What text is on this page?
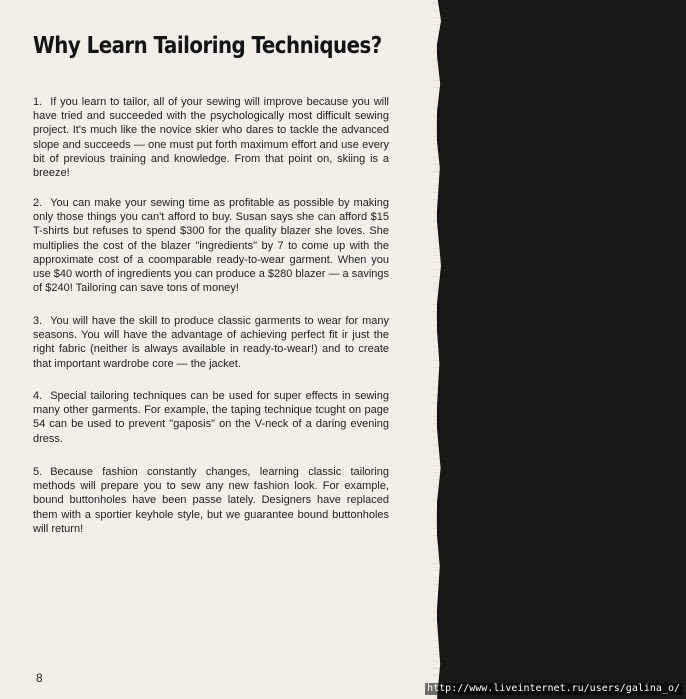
Why Learn Tailoring Techniques?

1. If you learn to tailor, all of your sewing will improve because you will have tried and succeeded with the psychologically most difficult sewing project. It's much like the novice skier who dares to tackle the advanced slope and succeeds — one must put forth maximum effort and use every bit of previous training and knowledge. From that point on, skiing is a breeze!

2. You can make your sewing time as profitable as possible by making only those things you can't afford to buy. Susan says she can afford $15 T-shirts but refuses to spend $300 for the quality blazer she loves. She multiplies the cost of the blazer "ingredients" by 7 to come up with the approximate cost of a coomparable ready-to-wear garment. When you use $40 worth of ingredients you can produce a $280 blazer — a savings of $240! Tailoring can save tons of money!

3. You will have the skill to produce classic garments to wear for many seasons. You will have the advantage of achieving perfect fit ir just the right fabric (neither is always available in ready-to-wear!) and to create that important wardrobe core — the jacket.

4. Special tailoring techniques can be used for super effects in sewing many other garments. For example, the taping technique tcught on page 54 can be used to prevent "gaposis" on the V-neck of a daring evening dress.

5. Because fashion constantly changes, learning classic tailoring methods will prepare you to sew any new fashion look. For example, bound buttonholes have been passe lately. Designers have replaced them with a sportier keyhole style, but we guarantee bound buttonholes will return!

8
http://www.liveinternet.ru/users/galina_o/
